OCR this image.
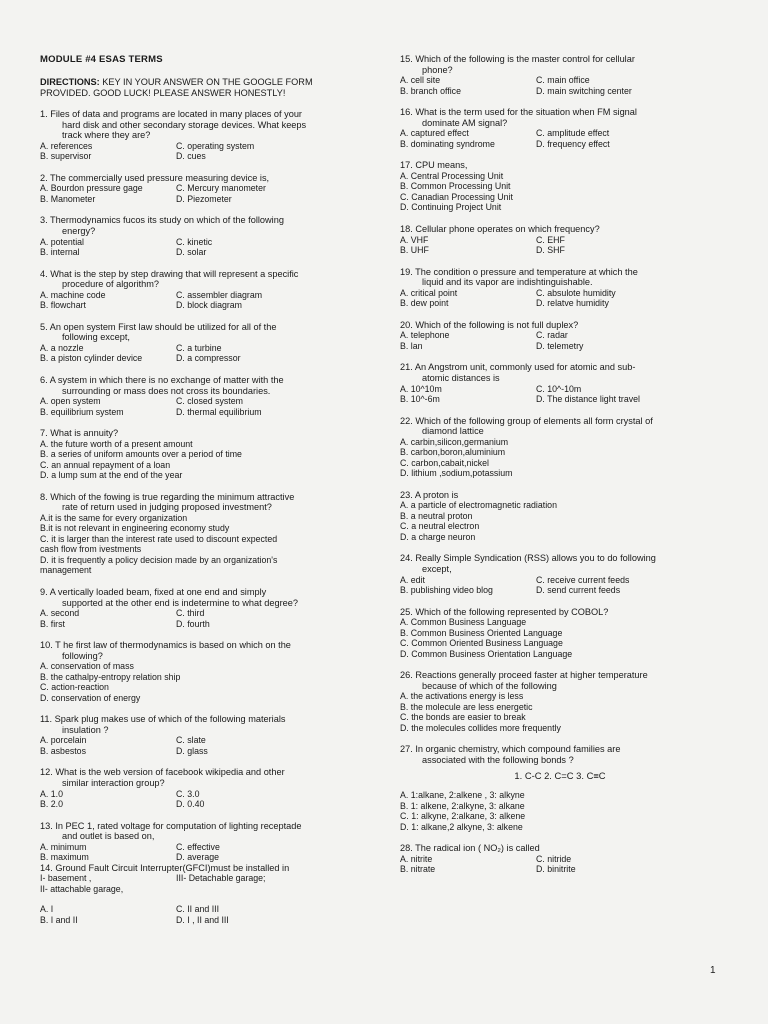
MODULE #4 ESAS TERMS
DIRECTIONS: KEY IN YOUR ANSWER ON THE GOOGLE FORM PROVIDED. GOOD LUCK! PLEASE ANSWER HONESTLY!
1. Files of data and programs are located in many places of your
hard disk and other secondary storage devices. What keeps
track where they are?
A. references	C. operating system
B. supervisor	D. cues
2. The commercially used pressure measuring device is,
A. Bourdon pressure gage	C. Mercury manometer
B. Manometer	D. Piezometer
3. Thermodynamics fucos its study on which of the following
energy?
A. potential	C. kinetic
B. internal	D. solar
4. What is the step by step drawing that will represent a specific
procedure of algorithm?
A. machine code	C. assembler diagram
B. flowchart	D. block diagram
5. An open system First law should be utilized for all of the
following except,
A. a nozzle	C. a turbine
B. a piston cylinder device	D. a compressor
6. A system in which there is no exchange of matter with the
surrounding or mass does not cross its boundaries.
A. open system	C. closed system
B. equilibrium system	D. thermal equilibrium
7. What is annuity?
A. the future worth of a present amount
B. a series of uniform amounts over a period of time
C. an annual repayment of a loan
D. a lump sum at the end of the year
8. Which of the fowing is true regarding the minimum attractive
rate of return used in judging proposed investment?
A.it is the same for every organization
B.it is not relevant in engineering economy study
C. it is larger than the interest rate used to discount expected
cash flow from ivestments
D. it is frequently a policy decision made by an organization's
management
9. A vertically loaded beam, fixed at one end and simply
supported at the other end is indetermine to what degree?
A. second	C. third
B. first	D. fourth
10. T he first law of thermodynamics is based on which on the
following?
A. conservation of mass
B. the cathalpy-entropy relation ship
C. action-reaction
D. conservation of energy
11. Spark plug makes use of which of the following materials
insulation ?
A. porcelain	C. slate
B. asbestos	D. glass
12. What is the web version of facebook wikipedia and other
similar interaction group?
A. 1.0	C. 3.0
B. 2.0	D. 0.40
13. In PEC 1, rated voltage for computation of lighting receptade
and outlet is based on,
A. minimum	C. effective
B. maximum	D. average
14. Ground Fault Circuit Interrupter(GFCI)must be installed in
I- basement ,	III- Detachable garage;
II- attachable garage,
A. I	C. II and III
B. I and II	D. I , II and III
15. Which of the following is the master control for cellular
phone?
A. cell site	C. main office
B. branch office	D. main switching center
16. What is the term used for the situation when FM signal
dominate AM signal?
A. captured effect	C. amplitude effect
B. dominating syndrome	D. frequency effect
17. CPU means,
A. Central Processing Unit
B. Common Processing Unit
C. Canadian Processing Unit
D. Continuing Project Unit
18. Cellular phone operates on which frequency?
A. VHF	C. EHF
B. UHF	D. SHF
19. The condition o pressure and temperature at which the
liquid and its vapor are indishtinguishable.
A. critical point	C. absulote humidity
B. dew point	D. relatve humidity
20. Which of the following is not full duplex?
A. telephone	C. radar
B. lan	D. telemetry
21. An Angstrom unit, commonly used for atomic and sub-
atomic distances is
A. 10^10m	C. 10^-10m
B. 10^-6m	D. The distance light travel
22. Which of the following group of elements all form crystal of
diamond lattice
A. carbin,silicon,germanium
B. carbon,boron,aluminium
C. carbon,cabait,nickel
D. lithium ,sodium,potassium
23. A proton is
A. a particle of electromagnetic radiation
B. a neutral proton
C. a neutral electron
D. a charge neuron
24. Really Simple Syndication (RSS) allows you to do following
except,
A. edit	C. receive current feeds
B. publishing video blog	D. send current feeds
25. Which of the following represented by COBOL?
A. Common Business Language
B. Common Business Oriented Language
C. Common Oriented Business Language
D. Common Business Orientation Language
26. Reactions generally proceed faster at higher temperature
because of which of the following
A. the activations energy is less
B. the molecule are less energetic
C. the bonds are easier to break
D. the molecules collides more frequently
27. In organic chemistry, which compound families are
associated with the following bonds ?
1. C-C 2. C=C 3. C≡C
A. 1:alkane, 2:alkene , 3: alkyne
B. 1: alkene, 2:alkyne, 3: alkane
C. 1: alkyne, 2:alkane, 3: alkene
D. 1: alkane,2 alkyne, 3: alkene
28. The radical ion ( NO₂) is called
A. nitrite	C. nitride
B. nitrate	D. binitrite
1
